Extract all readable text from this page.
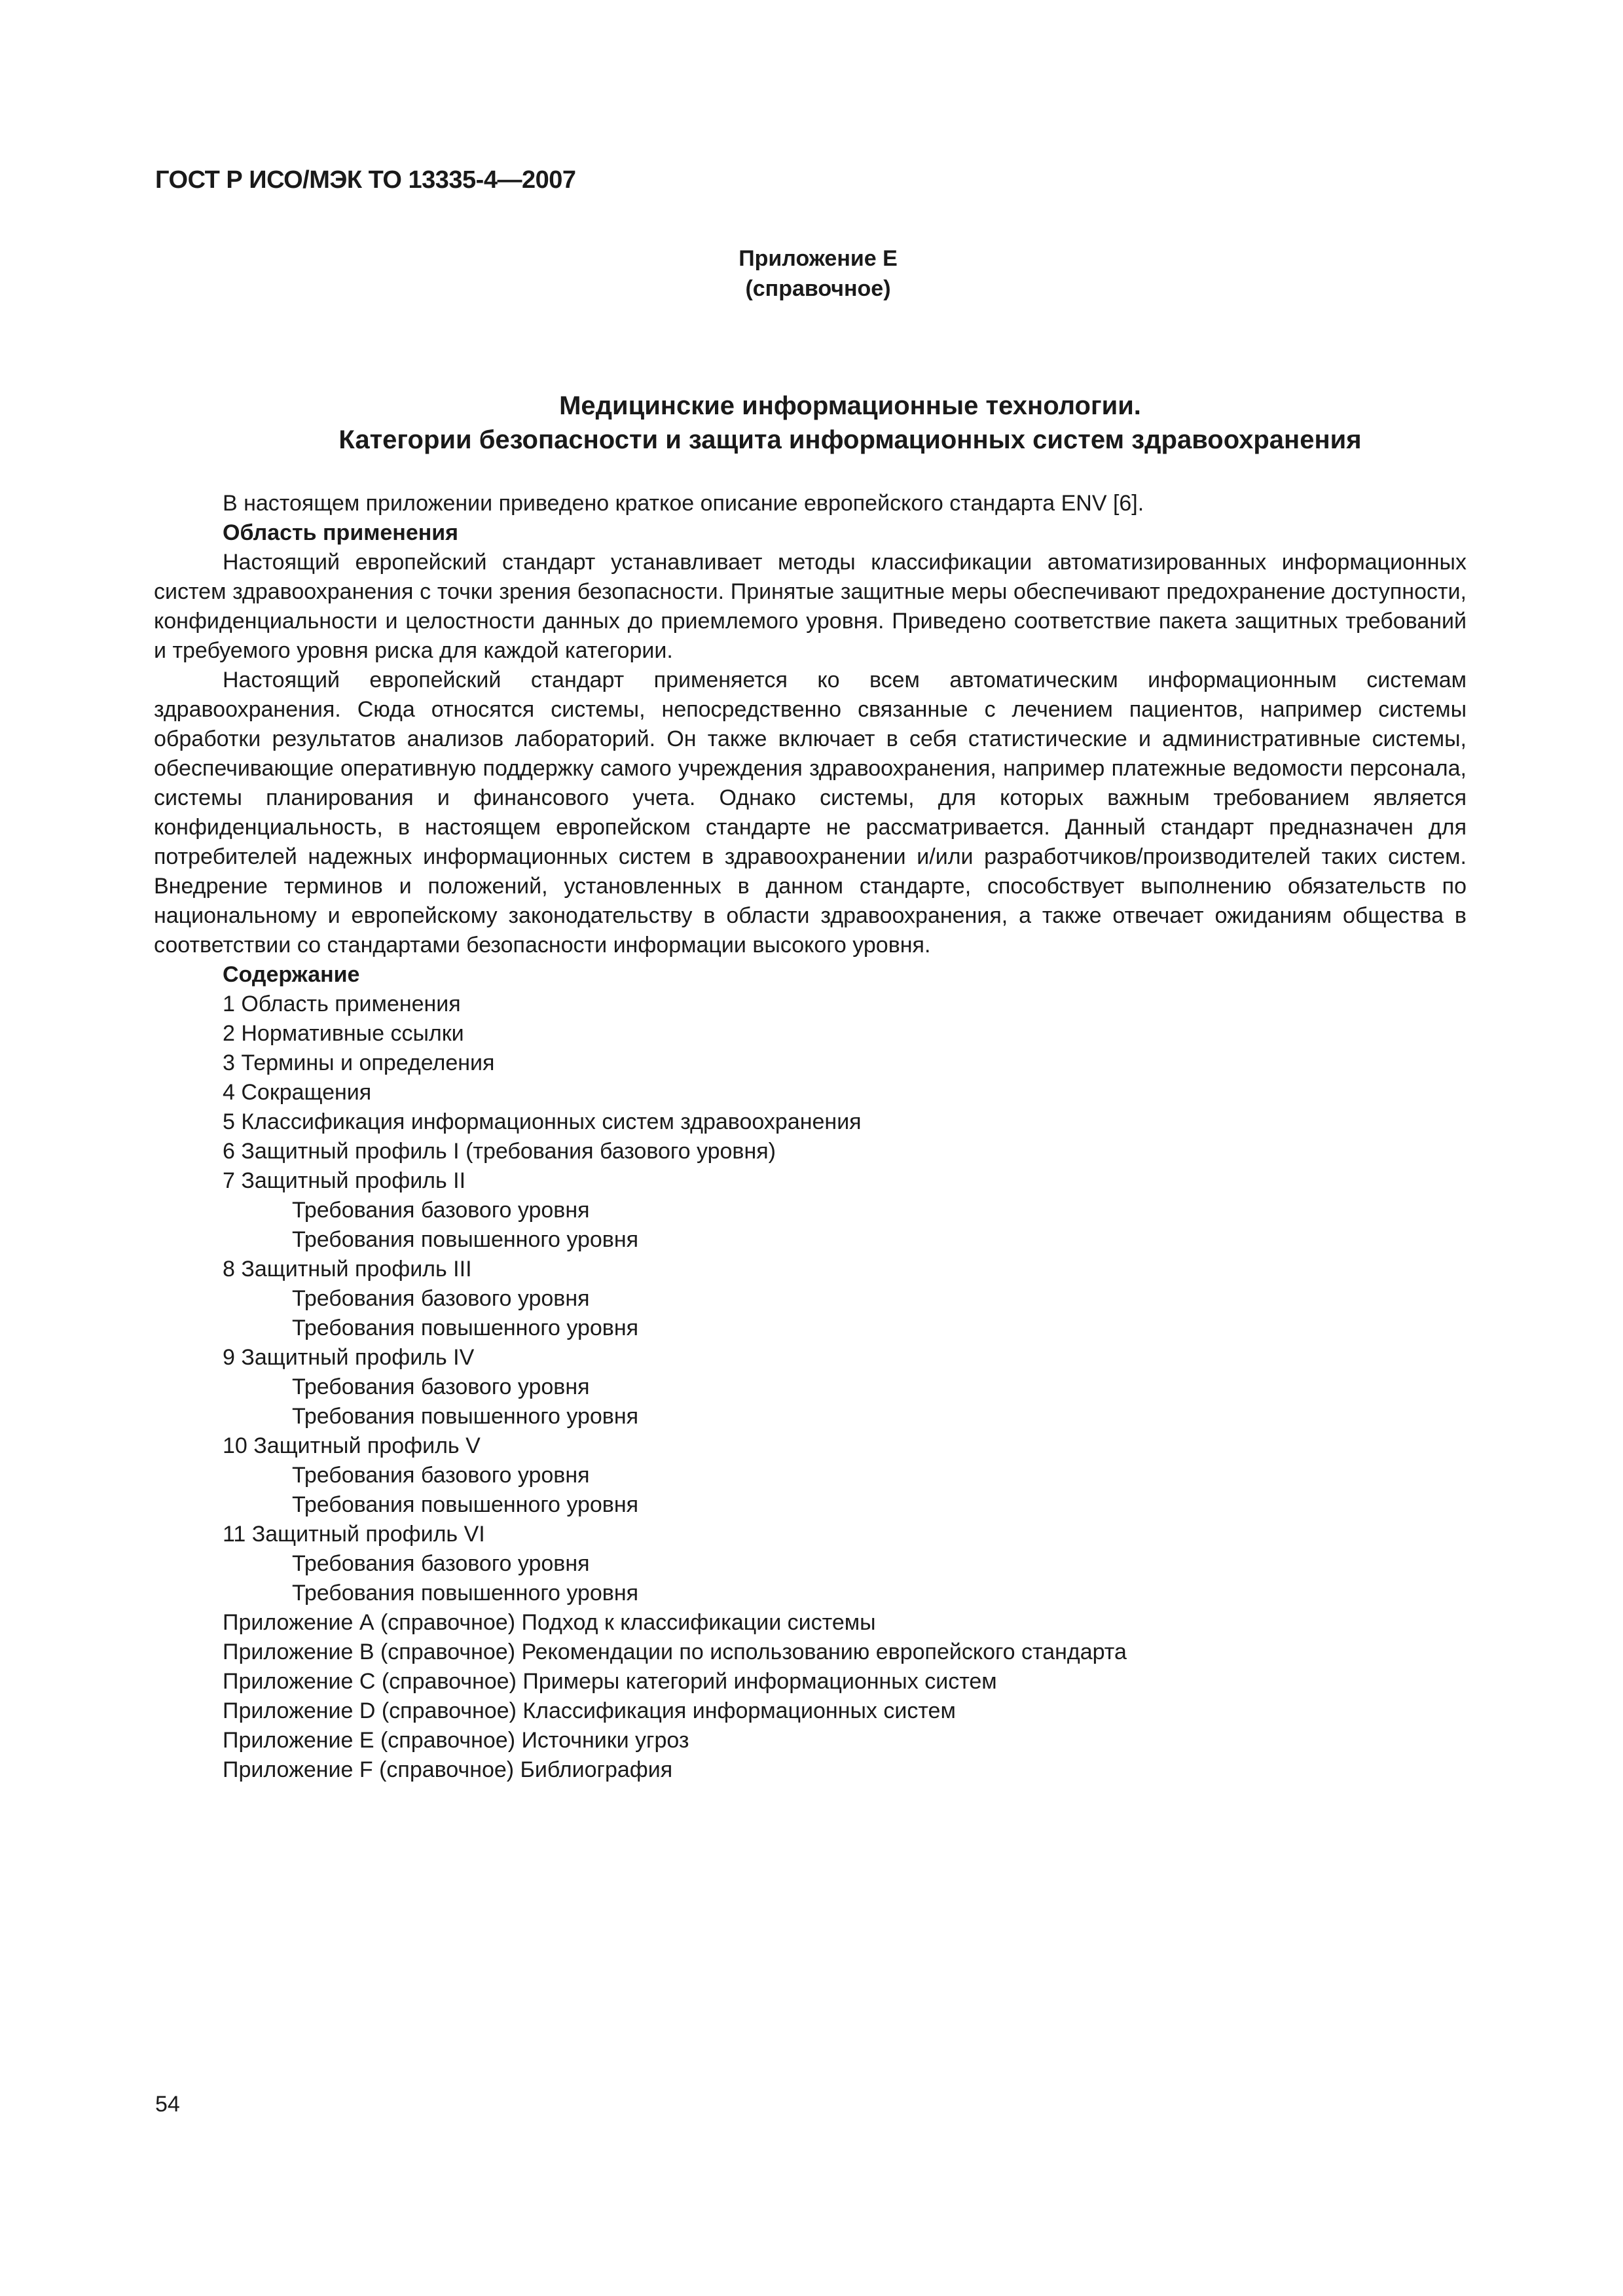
ГОСТ Р ИСО/МЭК ТО 13335-4—2007
Приложение Е
(справочное)
Медицинские информационные технологии.
Категории безопасности и защита информационных систем здравоохранения

В настоящем приложении приведено краткое описание европейского стандарта ENV [6].

Область применения

Настоящий европейский стандарт устанавливает методы классификации автоматизированных информационных систем здравоохранения с точки зрения безопасности. Принятые защитные меры обеспечивают предохранение доступности, конфиденциальности и целостности данных до приемлемого уровня. Приведено соответствие пакета защитных требований и требуемого уровня риска для каждой категории.

Настоящий европейский стандарт применяется ко всем автоматическим информационным системам здравоохранения. Сюда относятся системы, непосредственно связанные с лечением пациентов, например системы обработки результатов анализов лабораторий. Он также включает в себя статистические и административные системы, обеспечивающие оперативную поддержку самого учреждения здравоохранения, например платежные ведомости персонала, системы планирования и финансового учета. Однако системы, для которых важным требованием является конфиденциальность, в настоящем европейском стандарте не рассматривается. Данный стандарт предназначен для потребителей надежных информационных систем в здравоохранении и/или разработчиков/производителей таких систем. Внедрение терминов и положений, установленных в данном стандарте, способствует выполнению обязательств по национальному и европейскому законодательству в области здравоохранения, а также отвечает ожиданиям общества в соответствии со стандартами безопасности информации высокого уровня.

Содержание

1 Область применения
2 Нормативные ссылки
3 Термины и определения
4 Сокращения
5 Классификация информационных систем здравоохранения
6 Защитный профиль I (требования базового уровня)
7 Защитный профиль II
Требования базового уровня
Требования повышенного уровня
8 Защитный профиль III
Требования базового уровня
Требования повышенного уровня
9 Защитный профиль IV
Требования базового уровня
Требования повышенного уровня
10 Защитный профиль V
Требования базового уровня
Требования повышенного уровня
11 Защитный профиль VI
Требования базового уровня
Требования повышенного уровня
Приложение А (справочное) Подход к классификации системы
Приложение В (справочное) Рекомендации по использованию европейского стандарта
Приложение С (справочное) Примеры категорий информационных систем
Приложение D (справочное) Классификация информационных систем
Приложение Е (справочное) Источники угроз
Приложение F (справочное) Библиография

54
